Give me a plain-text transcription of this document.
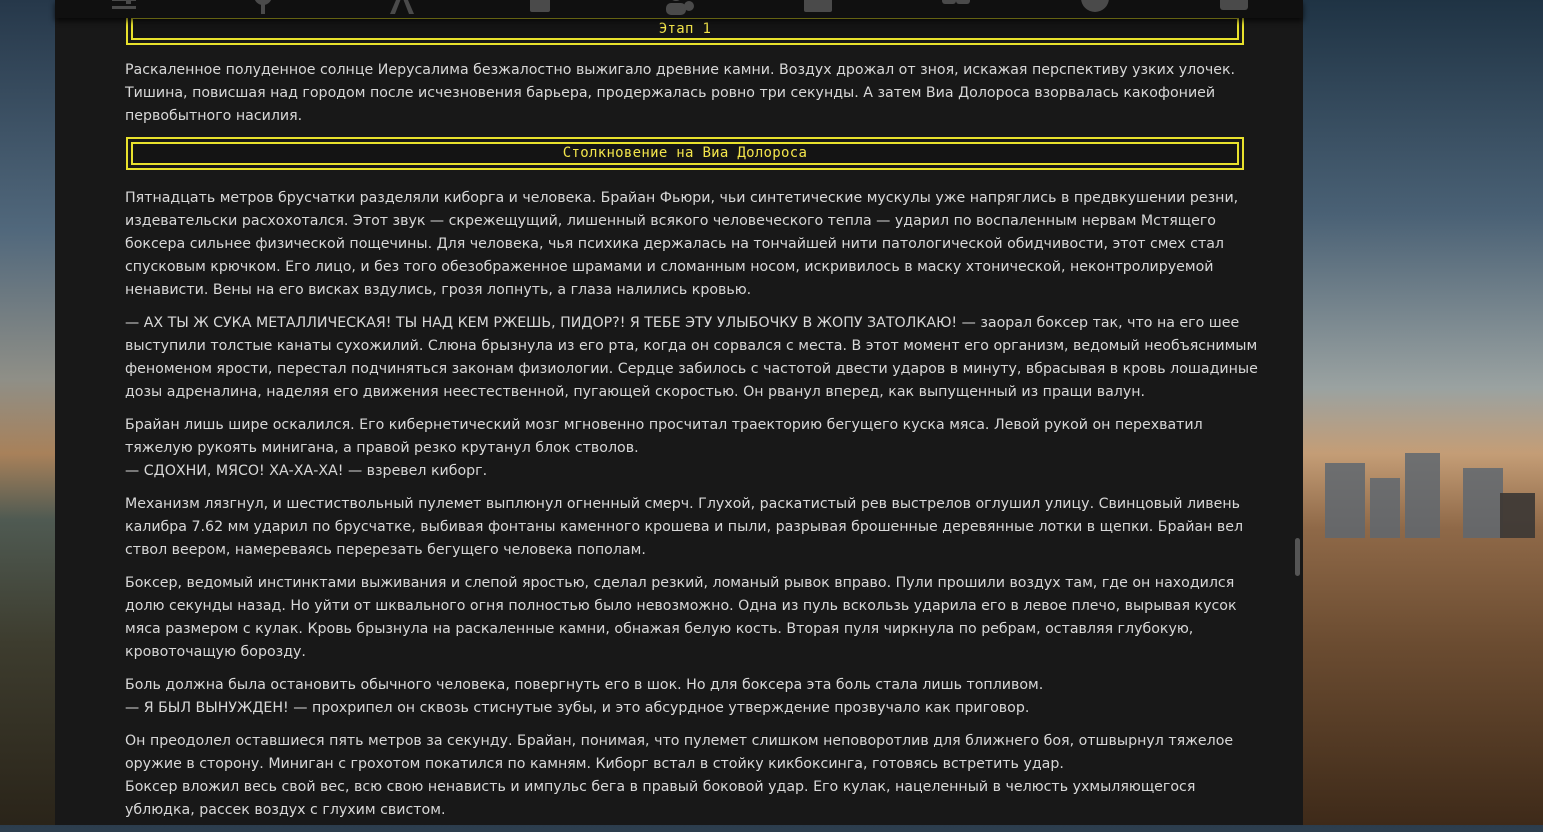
Этап 1

Раскаленное полуденное солнце Иерусалима безжалостно выжигало древние камни. Воздух дрожал от зноя, искажая перспективу узких улочек. Тишина, повисшая над городом после исчезновения барьера, продержалась ровно три секунды. А затем Виа Долороса взорвалась какофонией первобытного насилия.

Столкновение на Виа Долороса

Пятнадцать метров брусчатки разделяли киборга и человека. Брайан Фьюри, чьи синтетические мускулы уже напряглись в предвкушении резни, издевательски расхохотался. Этот звук — скрежещущий, лишенный всякого человеческого тепла — ударил по воспаленным нервам Мстящего боксера сильнее физической пощечины. Для человека, чья психика держалась на тончайшей нити патологической обидчивости, этот смех стал спусковым крючком. Его лицо, и без того обезображенное шрамами и сломанным носом, искривилось в маску хтонической, неконтролируемой ненависти. Вены на его висках вздулись, грозя лопнуть, а глаза налились кровью.

— АХ ТЫ Ж СУКА МЕТАЛЛИЧЕСКАЯ! ТЫ НАД КЕМ РЖЕШЬ, ПИДОР?! Я ТЕБЕ ЭТУ УЛЫБОЧКУ В ЖОПУ ЗАТОЛКАЮ! — заорал боксер так, что на его шее выступили толстые канаты сухожилий. Слюна брызнула из его рта, когда он сорвался с места. В этот момент его организм, ведомый необъяснимым феноменом ярости, перестал подчиняться законам физиологии. Сердце забилось с частотой двести ударов в минуту, вбрасывая в кровь лошадиные дозы адреналина, наделяя его движения неестественной, пугающей скоростью. Он рванул вперед, как выпущенный из пращи валун.

Брайан лишь шире оскалился. Его кибернетический мозг мгновенно просчитал траекторию бегущего куска мяса. Левой рукой он перехватил тяжелую рукоять минигана, а правой резко крутанул блок стволов.
— СДОХНИ, МЯСО! ХА-ХА-ХА! — взревел киборг.

Механизм лязгнул, и шестиствольный пулемет выплюнул огненный смерч. Глухой, раскатистый рев выстрелов оглушил улицу. Свинцовый ливень калибра 7.62 мм ударил по брусчатке, выбивая фонтаны каменного крошева и пыли, разрывая брошенные деревянные лотки в щепки. Брайан вел ствол веером, намереваясь перерезать бегущего человека пополам.

Боксер, ведомый инстинктами выживания и слепой яростью, сделал резкий, ломаный рывок вправо. Пули прошили воздух там, где он находился долю секунды назад. Но уйти от шквального огня полностью было невозможно. Одна из пуль вскользь ударила его в левое плечо, вырывая кусок мяса размером с кулак. Кровь брызнула на раскаленные камни, обнажая белую кость. Вторая пуля чиркнула по ребрам, оставляя глубокую, кровоточащую борозду.

Боль должна была остановить обычного человека, повергнуть его в шок. Но для боксера эта боль стала лишь топливом.
— Я БЫЛ ВЫНУЖДЕН! — прохрипел он сквозь стиснутые зубы, и это абсурдное утверждение прозвучало как приговор.

Он преодолел оставшиеся пять метров за секунду. Брайан, понимая, что пулемет слишком неповоротлив для ближнего боя, отшвырнул тяжелое оружие в сторону. Миниган с грохотом покатился по камням. Киборг встал в стойку кикбоксинга, готовясь встретить удар.
Боксер вложил весь свой вес, всю свою ненависть и импульс бега в правый боковой удар. Его кулак, нацеленный в челюсть ухмыляющегося ублюдка, рассек воздух с глухим свистом.
